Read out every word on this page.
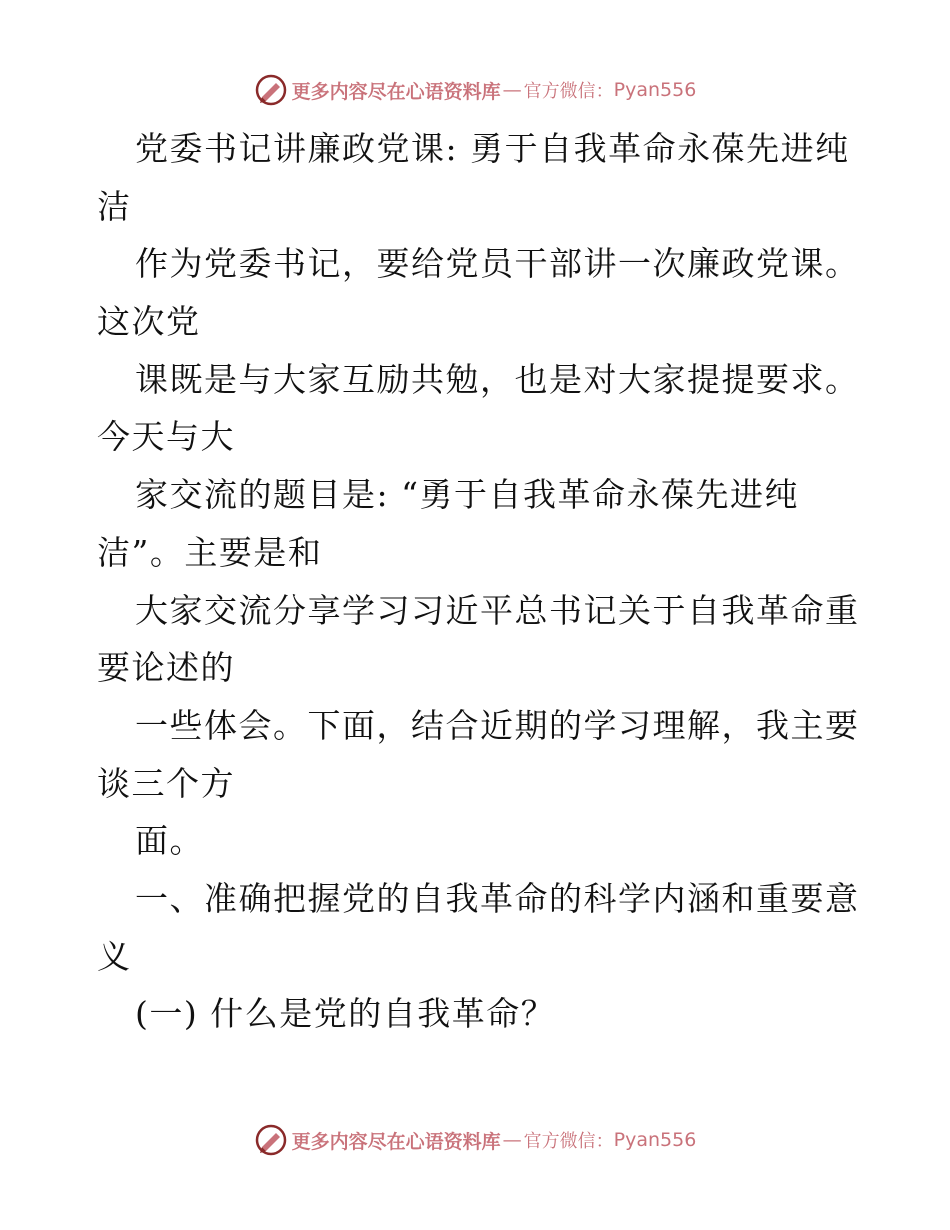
更多内容尽在心语资料库 — 官方微信： Pyan556
党委书记讲廉政党课: 勇于自我革命永葆先进纯
洁
作为党委书记，要给党员干部讲一次廉政党课。
这次党
课既是与大家互励共勉，也是对大家提提要求。
今天与大
家交流的题目是: “勇于自我革命永葆先进纯
洁”。主要是和
大家交流分享学习习近平总书记关于自我革命重
要论述的
一些体会。下面，结合近期的学习理解，我主要
谈三个方
面。
一、准确把握党的自我革命的科学内涵和重要意
义
(一) 什么是党的自我革命？
更多内容尽在心语资料库 — 官方微信： Pyan556
